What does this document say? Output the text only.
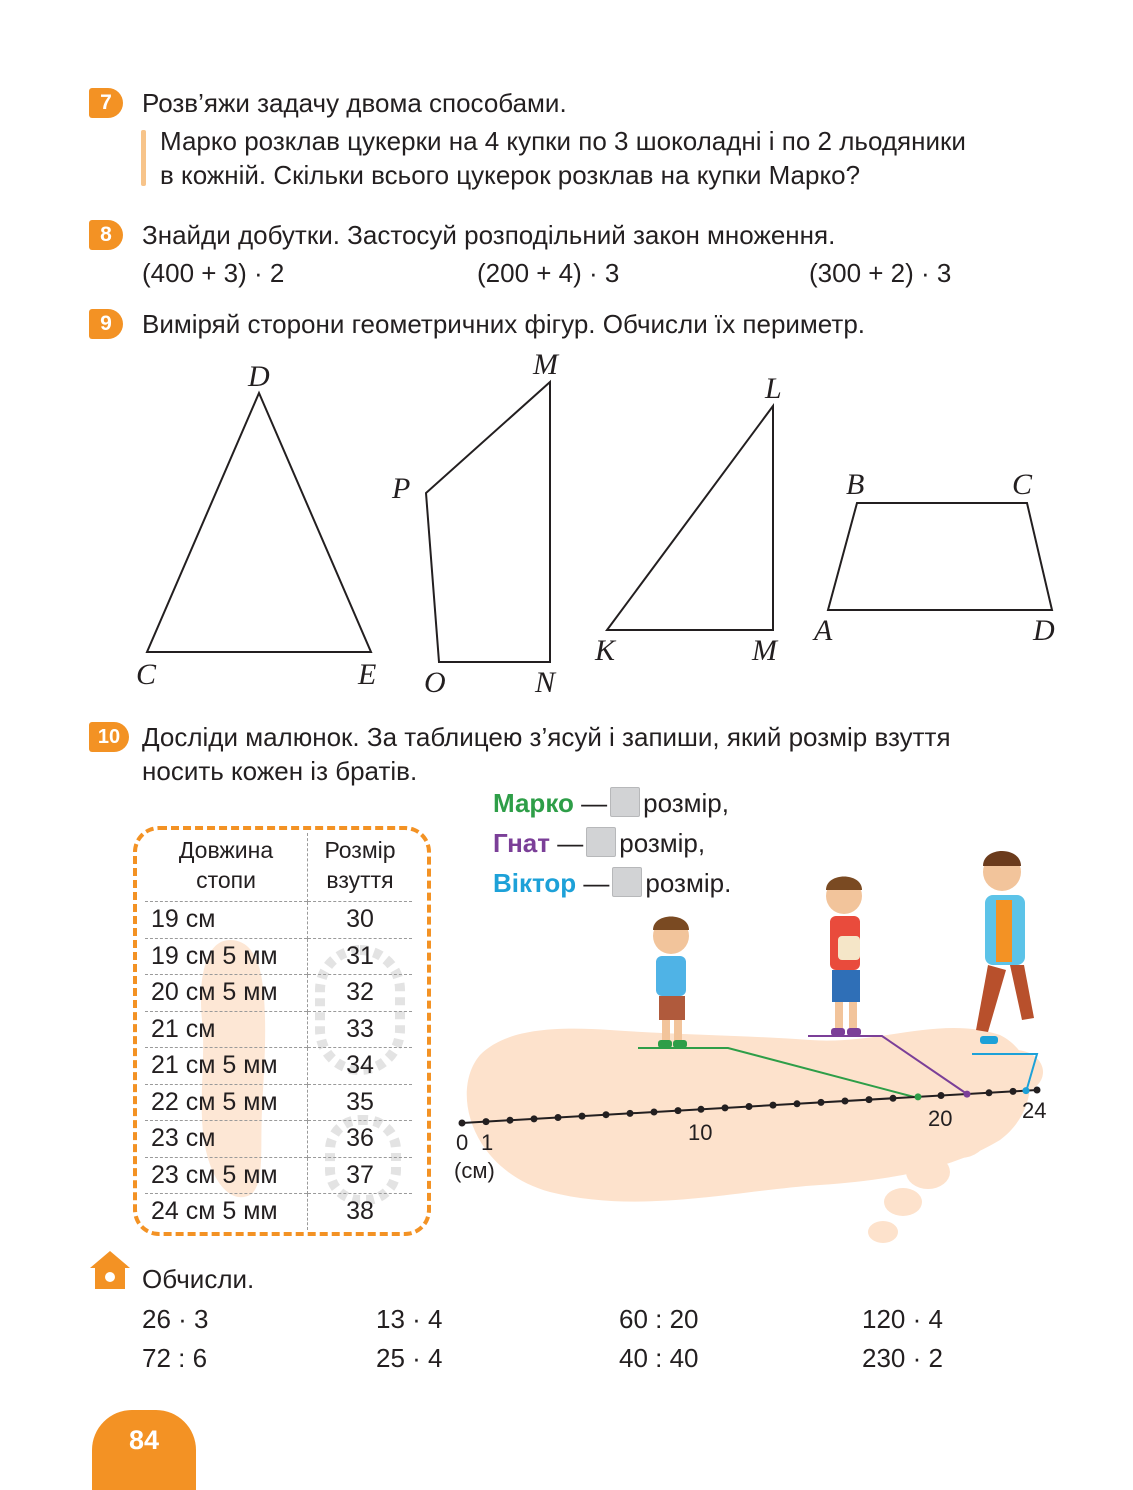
7	Розв’яжи задачу двома способами.
Марко розклав цукерки на 4 купки по 3 шоколадні і по 2 льодяники
в кожній. Скільки всього цукерок розклав на купки Марко?
8	Знайди добутки. Застосуй розподільний закон множення.
(400 + 3) · 2	(200 + 4) · 3	(300 + 2) · 3
9	Виміряй сторони геометричних фігур. Обчисли їх периметр.
D
C	E
M
P
O	N
L
K	M
B	C
A	D
10 Досліди малюнок. За таблицею з’ясуй і запиши, який розмір взуття
носить кожен із братів.
0 1	10
20	24
(см)
Марко — розмір,
Гнат — розмір,
Віктор — розмір.
Довжина
стопи	Розмір
взуття
19 см	30
19 см 5 мм	31
20 см 5 мм	32
21 см	33
21 см 5 мм	34
22 см 5 мм	35
23 см	36
23 см 5 мм	37
24 см 5 мм	38
Обчисли.
26 · 3	13 · 4	60 : 20	120 · 4
72 : 6	25 · 4	40 : 40	230 · 2
84
